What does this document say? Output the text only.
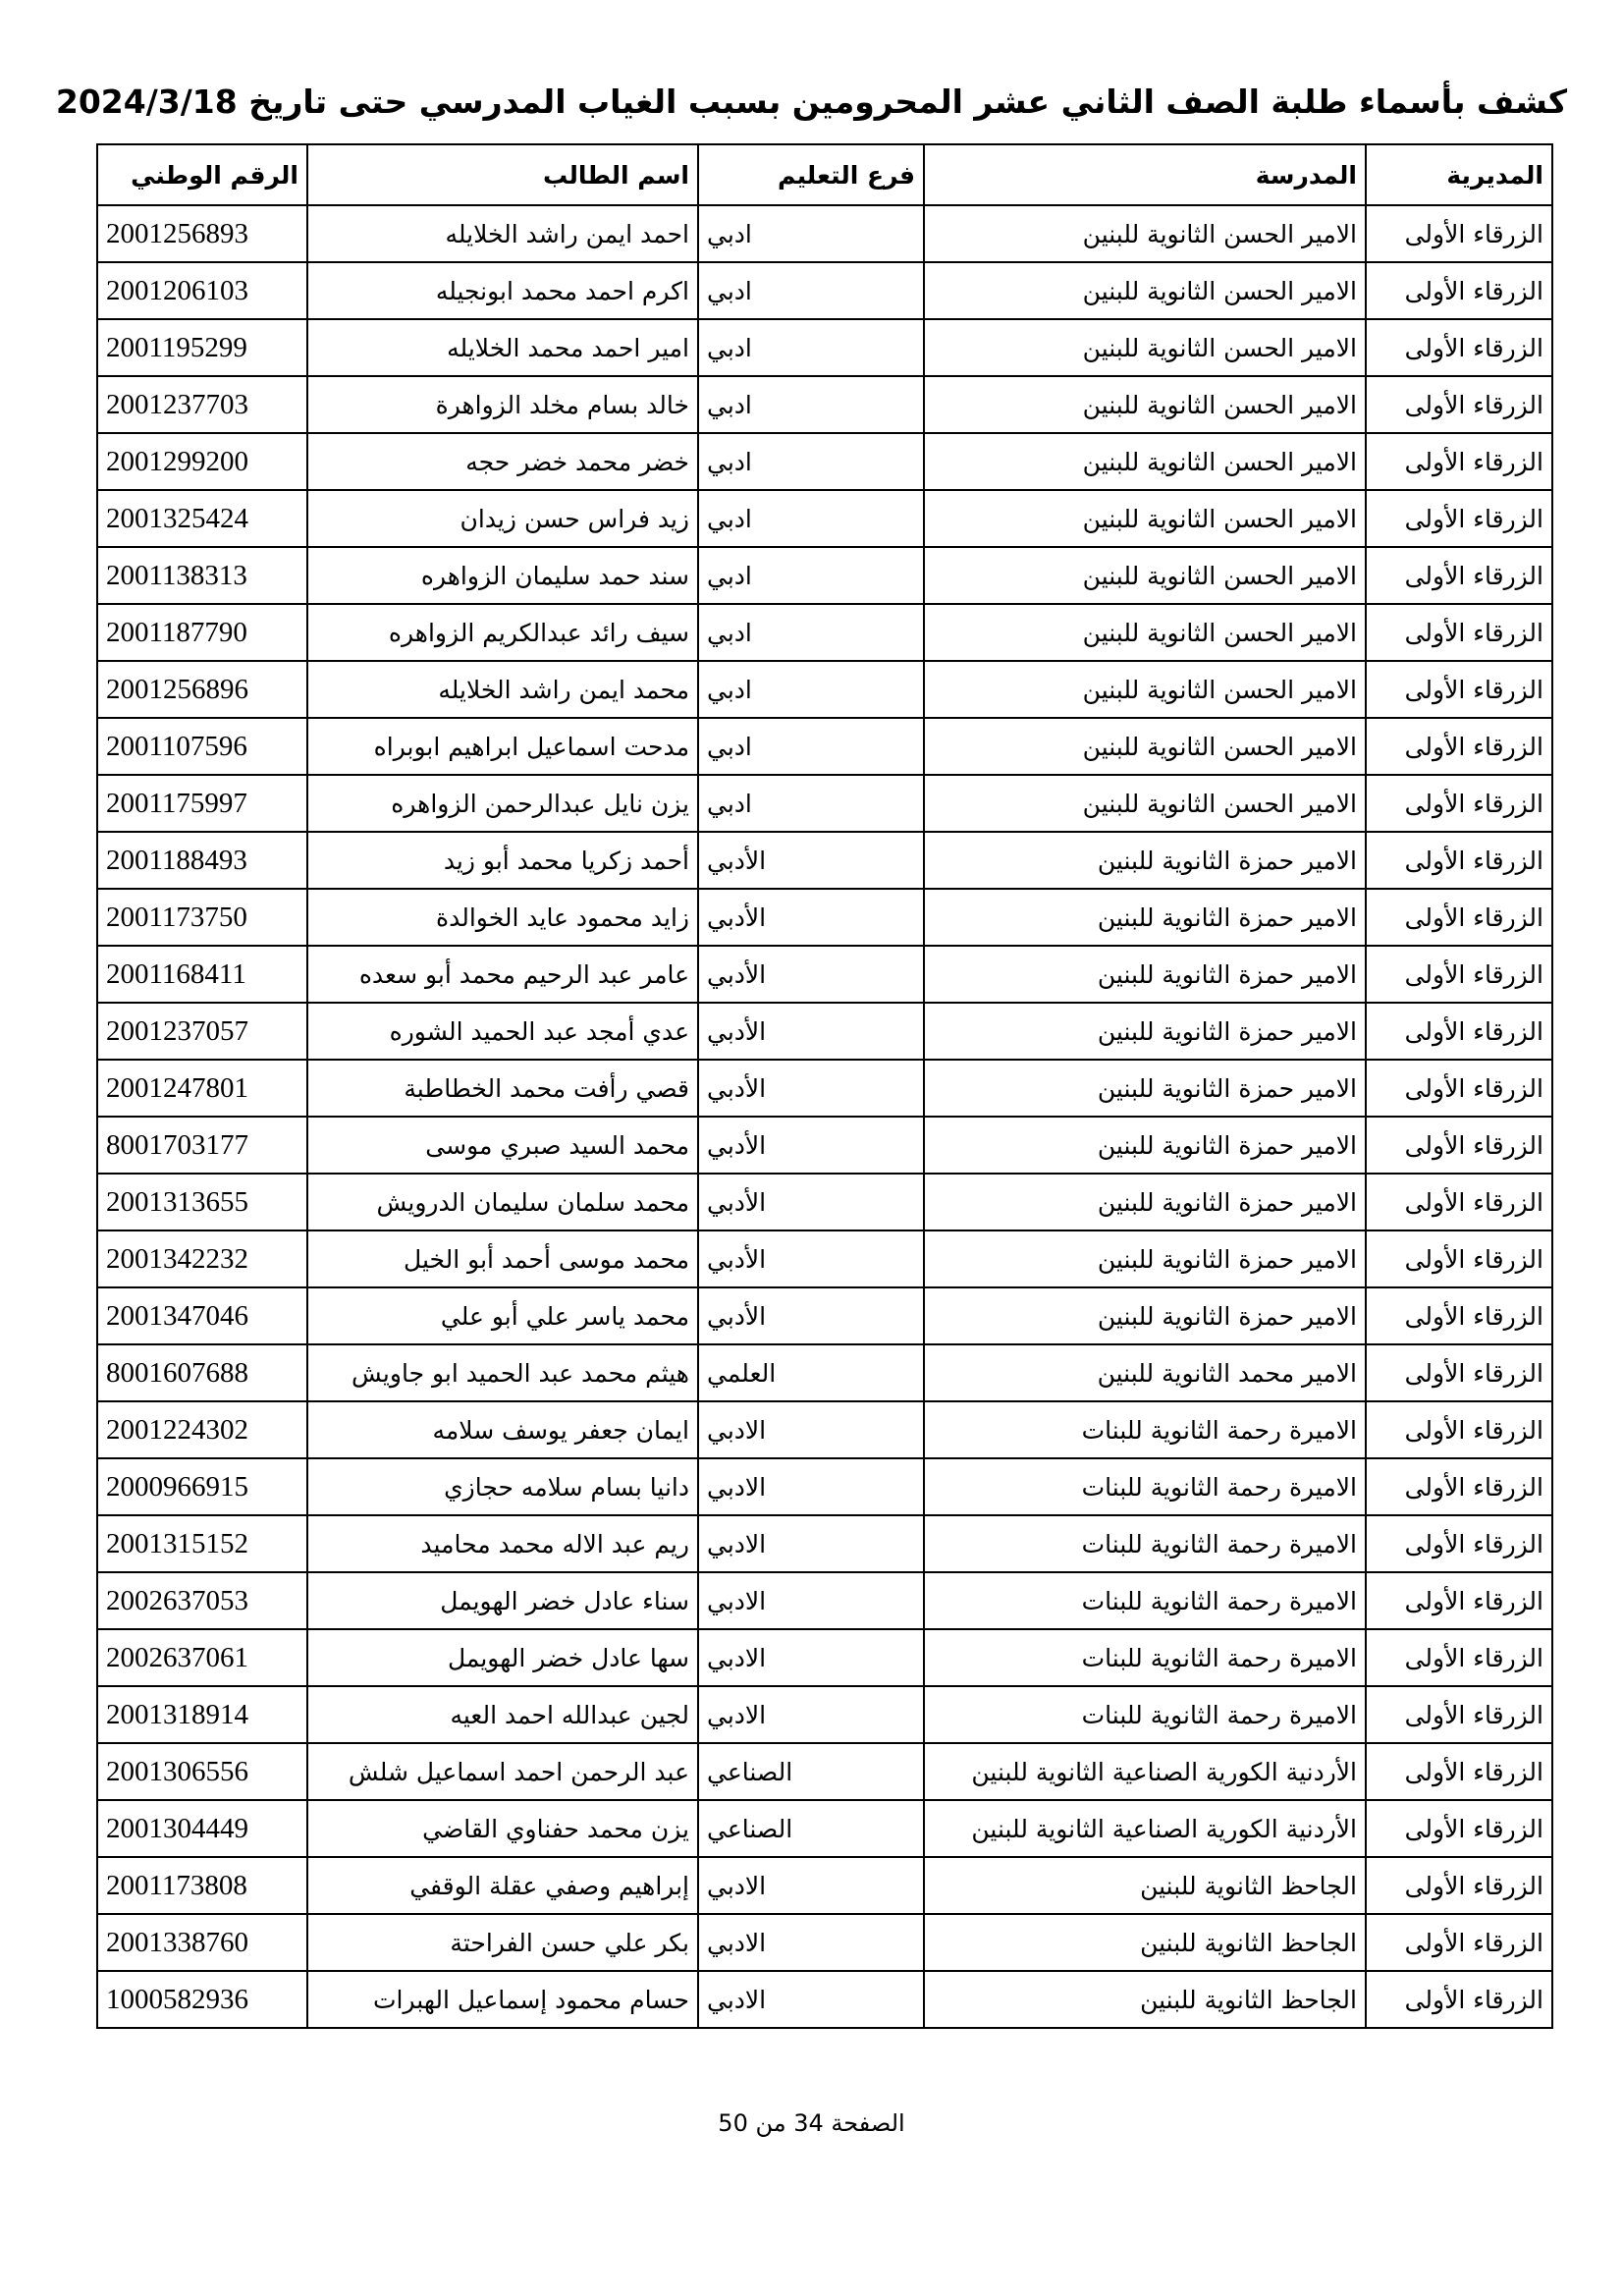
كشف بأسماء طلبة الصف الثاني عشر المحرومين بسبب الغياب المدرسي حتى تاريخ 2024/3/18
المديرية	المدرسة	فرع التعليم	اسم الطالب	الرقم الوطني
الزرقاء الأولى	الامير الحسن الثانوية للبنين	ادبي	احمد ايمن راشد الخلايله	2001256893
الزرقاء الأولى	الامير الحسن الثانوية للبنين	ادبي	اكرم احمد محمد ابونجيله	2001206103
الزرقاء الأولى	الامير الحسن الثانوية للبنين	ادبي	امير احمد محمد الخلايله	2001195299
الزرقاء الأولى	الامير الحسن الثانوية للبنين	ادبي	خالد بسام مخلد الزواهرة	2001237703
الزرقاء الأولى	الامير الحسن الثانوية للبنين	ادبي	خضر محمد خضر حجه	2001299200
الزرقاء الأولى	الامير الحسن الثانوية للبنين	ادبي	زيد فراس حسن زيدان	2001325424
الزرقاء الأولى	الامير الحسن الثانوية للبنين	ادبي	سند حمد سليمان الزواهره	2001138313
الزرقاء الأولى	الامير الحسن الثانوية للبنين	ادبي	سيف رائد عبدالكريم الزواهره	2001187790
الزرقاء الأولى	الامير الحسن الثانوية للبنين	ادبي	محمد ايمن راشد الخلايله	2001256896
الزرقاء الأولى	الامير الحسن الثانوية للبنين	ادبي	مدحت اسماعيل ابراهيم ابوبراه	2001107596
الزرقاء الأولى	الامير الحسن الثانوية للبنين	ادبي	يزن نايل عبدالرحمن الزواهره	2001175997
الزرقاء الأولى	الامير حمزة الثانوية للبنين	الأدبي	أحمد زكريا محمد أبو زيد	2001188493
الزرقاء الأولى	الامير حمزة الثانوية للبنين	الأدبي	زايد محمود عايد الخوالدة	2001173750
الزرقاء الأولى	الامير حمزة الثانوية للبنين	الأدبي	عامر عبد الرحيم محمد أبو سعده	2001168411
الزرقاء الأولى	الامير حمزة الثانوية للبنين	الأدبي	عدي أمجد عبد الحميد الشوره	2001237057
الزرقاء الأولى	الامير حمزة الثانوية للبنين	الأدبي	قصي رأفت محمد الخطاطبة	2001247801
الزرقاء الأولى	الامير حمزة الثانوية للبنين	الأدبي	محمد السيد صبري موسى	8001703177
الزرقاء الأولى	الامير حمزة الثانوية للبنين	الأدبي	محمد سلمان سليمان الدرويش	2001313655
الزرقاء الأولى	الامير حمزة الثانوية للبنين	الأدبي	محمد موسى أحمد أبو الخيل	2001342232
الزرقاء الأولى	الامير حمزة الثانوية للبنين	الأدبي	محمد ياسر علي أبو علي	2001347046
الزرقاء الأولى	الامير محمد الثانوية للبنين	العلمي	هيثم محمد عبد الحميد ابو جاويش	8001607688
الزرقاء الأولى	الاميرة رحمة الثانوية للبنات	الادبي	ايمان جعفر يوسف سلامه	2001224302
الزرقاء الأولى	الاميرة رحمة الثانوية للبنات	الادبي	دانيا بسام سلامه حجازي	2000966915
الزرقاء الأولى	الاميرة رحمة الثانوية للبنات	الادبي	ريم عبد الاله محمد محاميد	2001315152
الزرقاء الأولى	الاميرة رحمة الثانوية للبنات	الادبي	سناء عادل خضر الهويمل	2002637053
الزرقاء الأولى	الاميرة رحمة الثانوية للبنات	الادبي	سها عادل خضر الهويمل	2002637061
الزرقاء الأولى	الاميرة رحمة الثانوية للبنات	الادبي	لجين عبدالله احمد العيه	2001318914
الزرقاء الأولى	الأردنية الكورية الصناعية الثانوية للبنين	الصناعي	عبد الرحمن احمد اسماعيل شلش	2001306556
الزرقاء الأولى	الأردنية الكورية الصناعية الثانوية للبنين	الصناعي	يزن محمد حفناوي القاضي	2001304449
الزرقاء الأولى	الجاحظ الثانوية للبنين	الادبي	إبراهيم وصفي عقلة الوقفي	2001173808
الزرقاء الأولى	الجاحظ الثانوية للبنين	الادبي	بكر علي حسن الفراحتة	2001338760
الزرقاء الأولى	الجاحظ الثانوية للبنين	الادبي	حسام محمود إسماعيل الهبرات	1000582936
الصفحة 34 من 50
